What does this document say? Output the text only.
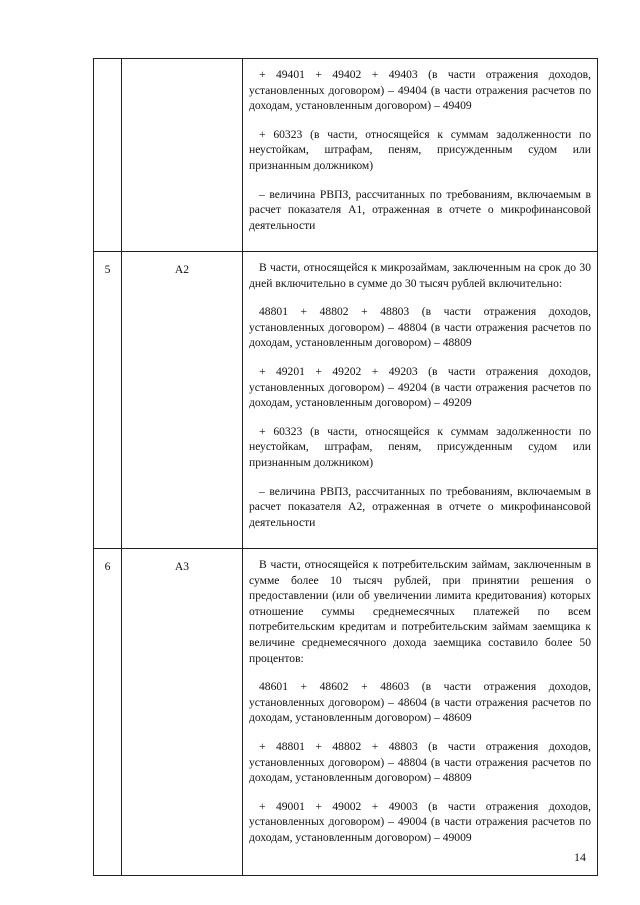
		+ 49401 + 49402 + 49403 (в части отражения доходов, установленных договором) – 49404 (в части отражения расчетов по доходам, установленным договором) – 49409

+ 60323 (в части, относящейся к суммам задолженности по неустойкам, штрафам, пеням, присужденным судом или признанным должником)

– величина РВПЗ, рассчитанных по требованиям, включаемым в расчет показателя А1, отраженная в отчете о микрофинансовой деятельности

5	А2	В части, относящейся к микрозаймам, заключенным на срок до 30 дней включительно в сумме до 30 тысяч рублей включительно:

48801 + 48802 + 48803 (в части отражения доходов, установленных договором) – 48804 (в части отражения расчетов по доходам, установленным договором) – 48809

+ 49201 + 49202 + 49203 (в части отражения доходов, установленных договором) – 49204 (в части отражения расчетов по доходам, установленным договором) – 49209

+ 60323 (в части, относящейся к суммам задолженности по неустойкам, штрафам, пеням, присужденным судом или признанным должником)

– величина РВПЗ, рассчитанных по требованиям, включаемым в расчет показателя А2, отраженная в отчете о микрофинансовой деятельности

6	А3	В части, относящейся к потребительским займам, заключенным в сумме более 10 тысяч рублей, при принятии решения о предоставлении (или об увеличении лимита кредитования) которых отношение суммы среднемесячных платежей по всем потребительским кредитам и потребительским займам заемщика к величине среднемесячного дохода заемщика составило более 50 процентов:

48601 + 48602 + 48603 (в части отражения доходов, установленных договором) – 48604 (в части отражения расчетов по доходам, установленным договором) – 48609

+ 48801 + 48802 + 48803 (в части отражения доходов, установленных договором) – 48804 (в части отражения расчетов по доходам, установленным договором) – 48809

+ 49001 + 49002 + 49003 (в части отражения доходов, установленных договором) – 49004 (в части отражения расчетов по доходам, установленным договором) – 49009

14
